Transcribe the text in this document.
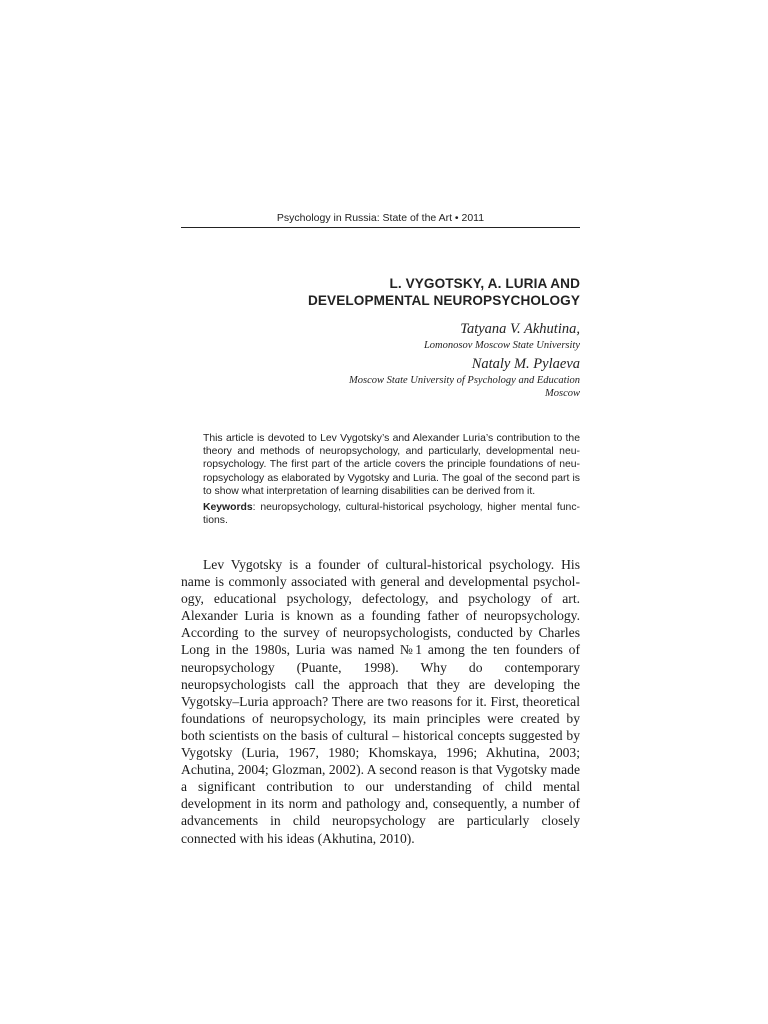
Psychology in Russia: State of the Art • 2011
L. VYGOTSKY, A. LURIA AND
DEVELOPMENTAL NEUROPSYCHOLOGY
Tatyana V. Akhutina,
Lomonosov Moscow State University
Nataly M. Pylaeva
Moscow State University of Psychology and Education
Moscow

This article is devoted to Lev Vygotsky’s and Alexander Luria’s contribution to the theory and methods of neuropsychology, and particularly, developmental neuropsychology. The first part of the article covers the principle foundations of neuropsychology as elaborated by Vygotsky and Luria. The goal of the second part is to show what interpretation of learning disabilities can be derived from it.

Keywords: neuropsychology, cultural-historical psychology, higher mental functions.

Lev Vygotsky is a founder of cultural-historical psychology. His name is commonly associated with general and developmental psychology, educational psychology, defectology, and psychology of art. Alexander Luria is known as a founding father of neuropsychology. According to the survey of neuropsychologists, conducted by Charles Long in the 1980s, Luria was named №1 among the ten founders of neuropsychology (Puante, 1998). Why do contemporary neuropsychologists call the approach that they are developing the Vygotsky–Luria approach? There are two reasons for it. First, theoretical foundations of neuropsychology, its main principles were created by both scientists on the basis of cultural – historical concepts suggested by Vygotsky (Luria, 1967, 1980; Khomskaya, 1996; Akhutina, 2003; Achutina, 2004; Glozman, 2002). A second reason is that Vygotsky made a significant contribution to our understanding of child mental development in its norm and pathology and, consequently, a number of advancements in child neuropsychology are particularly closely connected with his ideas (Akhutina, 2010).
